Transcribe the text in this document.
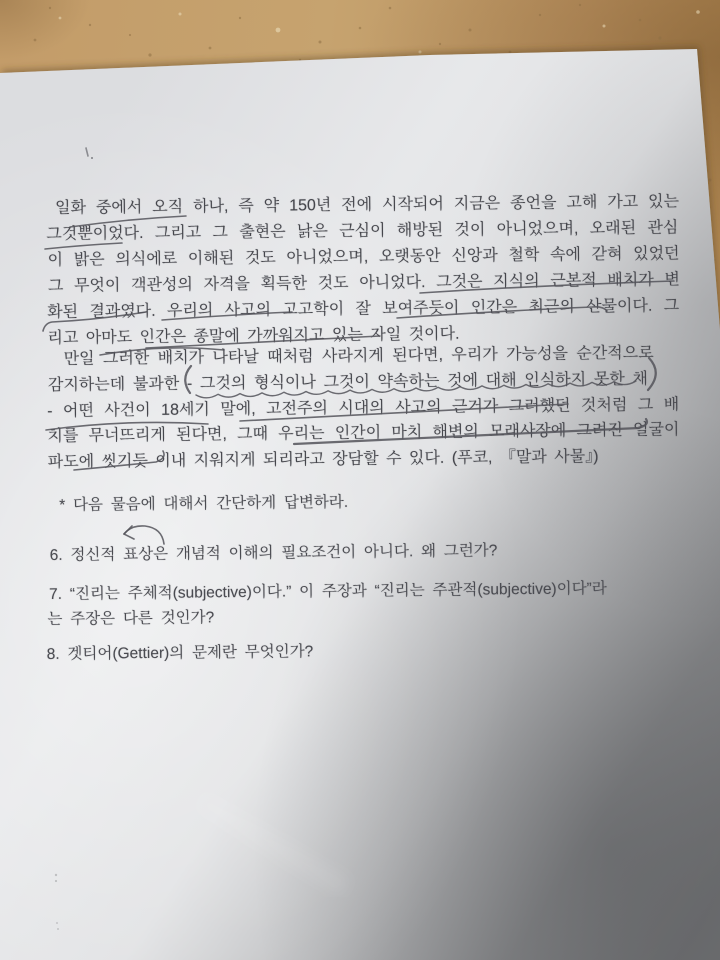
일화 중에서 오직 하나, 즉 약 150년 전에 시작되어 지금은 종언을 고해 가고 있는
그것뿐이었다. 그리고 그 출현은 낡은 근심이 해방된 것이 아니었으며, 오래된 관심
이 밝은 의식에로 이해된 것도 아니었으며, 오랫동안 신앙과 철학 속에 갇혀 있었던
그 무엇이 객관성의 자격을 획득한 것도 아니었다. 그것은 지식의 근본적 배치가 변
화된 결과였다. 우리의 사고의 고고학이 잘 보여주듯이 인간은 최근의 산물이다. 그
리고 아마도 인간은 종말에 가까워지고 있는 자일 것이다.
만일 그러한 배치가 나타날 때처럼 사라지게 된다면, 우리가 가능성을 순간적으로
감지하는데 불과한 - 그것의 형식이나 그것이 약속하는 것에 대해 인식하지 못한 채
- 어떤 사건이 18세기 말에, 고전주의 시대의 사고의 근거가 그러했던 것처럼 그 배
치를 무너뜨리게 된다면, 그때 우리는 인간이 마치 해변의 모래사장에 그려진 얼굴이
파도에 씻기듯 이내 지워지게 되리라고 장담할 수 있다. (푸코, 『말과 사물』)
* 다음 물음에 대해서 간단하게 답변하라.
6. 정신적 표상은 개념적 이해의 필요조건이 아니다. 왜 그런가?
7. “진리는 주체적(subjective)이다.” 이 주장과 “진리는 주관적(subjective)이다”라
는 주장은 다른 것인가?
8. 겟티어(Gettier)의 문제란 무엇인가?
